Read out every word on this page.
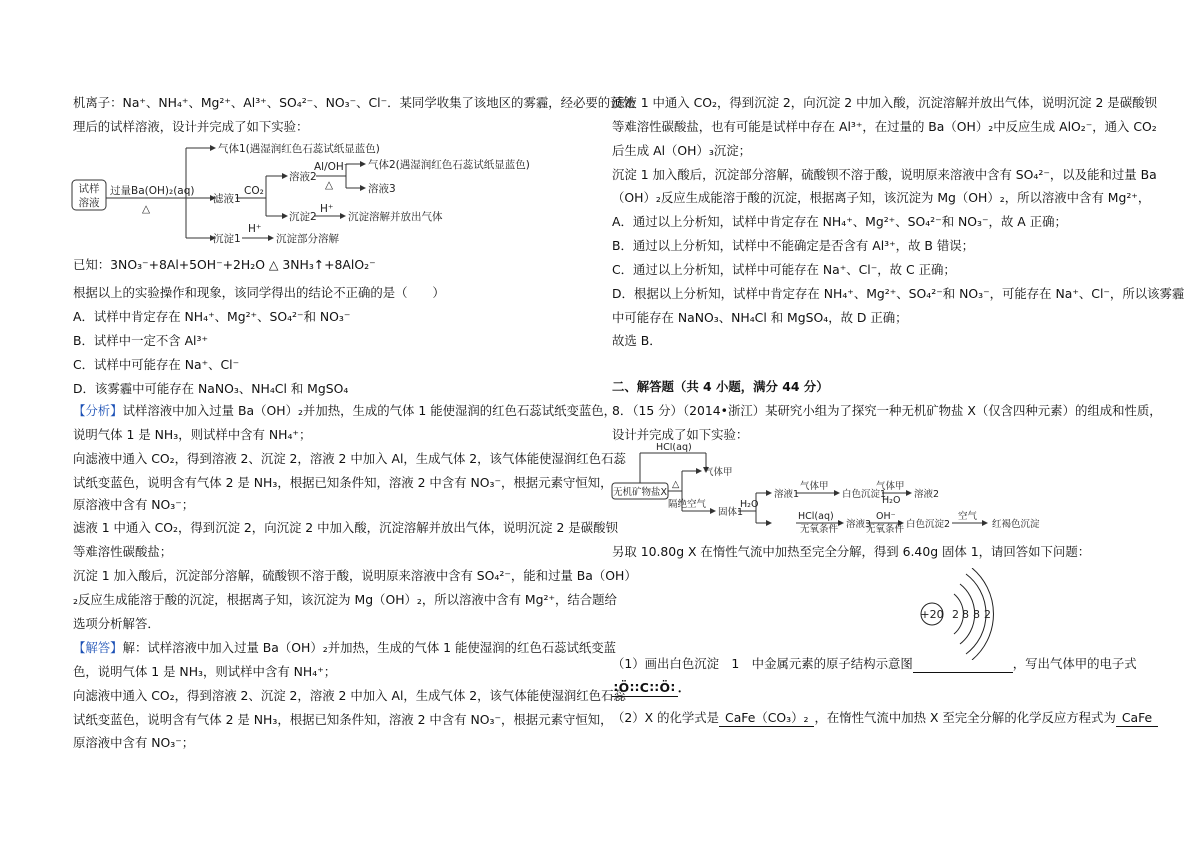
机离子：Na⁺、NH₄⁺、Mg²⁺、Al³⁺、SO₄²⁻、NO₃⁻、Cl⁻．某同学收集了该地区的雾霾，经必要的预处
理后的试样溶液，设计并完成了如下实验：
试样
溶液
过量Ba(OH)₂(aq)
△
气体1(遇湿润红色石蕊试纸显蓝色)
滤液1
CO₂
溶液2
Al/OH⁻
△
气体2(遇湿润红色石蕊试纸显蓝色)
溶液3
沉淀2
H⁺
沉淀溶解并放出气体
沉淀1
H⁺
沉淀部分溶解
已知：3NO₃⁻+8Al+5OH⁻+2H₂O △ 3NH₃↑+8AlO₂⁻
根据以上的实验操作和现象，该同学得出的结论不正确的是（　　）
A．试样中肯定存在 NH₄⁺、Mg²⁺、SO₄²⁻和 NO₃⁻
B．试样中一定不含 Al³⁺
C．试样中可能存在 Na⁺、Cl⁻
D．该雾霾中可能存在 NaNO₃、NH₄Cl 和 MgSO₄
【分析】试样溶液中加入过量 Ba（OH）₂并加热，生成的气体 1 能使湿润的红色石蕊试纸变蓝色，
说明气体 1 是 NH₃，则试样中含有 NH₄⁺；
向滤液中通入 CO₂，得到溶液 2、沉淀 2，溶液 2 中加入 Al，生成气体 2，该气体能使湿润红色石蕊
试纸变蓝色，说明含有气体 2 是 NH₃，根据已知条件知，溶液 2 中含有 NO₃⁻，根据元素守恒知，
原溶液中含有 NO₃⁻；
滤液 1 中通入 CO₂，得到沉淀 2，向沉淀 2 中加入酸，沉淀溶解并放出气体，说明沉淀 2 是碳酸钡
等难溶性碳酸盐；
沉淀 1 加入酸后，沉淀部分溶解，硫酸钡不溶于酸，说明原来溶液中含有 SO₄²⁻，能和过量 Ba（OH）
₂反应生成能溶于酸的沉淀，根据离子知，该沉淀为 Mg（OH）₂，所以溶液中含有 Mg²⁺，结合题给
选项分析解答．
【解答】解：试样溶液中加入过量 Ba（OH）₂并加热，生成的气体 1 能使湿润的红色石蕊试纸变蓝
色，说明气体 1 是 NH₃，则试样中含有 NH₄⁺；
向滤液中通入 CO₂，得到溶液 2、沉淀 2，溶液 2 中加入 Al，生成气体 2，该气体能使湿润红色石蕊
试纸变蓝色，说明含有气体 2 是 NH₃，根据已知条件知，溶液 2 中含有 NO₃⁻，根据元素守恒知，
原溶液中含有 NO₃⁻；
滤液 1 中通入 CO₂，得到沉淀 2，向沉淀 2 中加入酸，沉淀溶解并放出气体，说明沉淀 2 是碳酸钡
等难溶性碳酸盐，也有可能是试样中存在 Al³⁺，在过量的 Ba（OH）₂中反应生成 AlO₂⁻，通入 CO₂
后生成 Al（OH）₃沉淀；
沉淀 1 加入酸后，沉淀部分溶解，硫酸钡不溶于酸，说明原来溶液中含有 SO₄²⁻，以及能和过量 Ba
（OH）₂反应生成能溶于酸的沉淀，根据离子知，该沉淀为 Mg（OH）₂，所以溶液中含有 Mg²⁺，
A．通过以上分析知，试样中肯定存在 NH₄⁺、Mg²⁺、SO₄²⁻和 NO₃⁻，故 A 正确；
B．通过以上分析知，试样中不能确定是否含有 Al³⁺，故 B 错误；
C．通过以上分析知，试样中可能存在 Na⁺、Cl⁻，故 C 正确；
D．根据以上分析知，试样中肯定存在 NH₄⁺、Mg²⁺、SO₄²⁻和 NO₃⁻，可能存在 Na⁺、Cl⁻，所以该雾霾
中可能存在 NaNO₃、NH₄Cl 和 MgSO₄，故 D 正确；
故选 B．
二、解答题（共 4 小题，满分 44 分）
8．（15 分）（2014•浙江）某研究小组为了探究一种无机矿物盐 X（仅含四种元素）的组成和性质，
设计并完成了如下实验：
无机矿物盐X
HCl(aq)
气体甲
隔绝空气
△
固体1
H₂O
溶液1
气体甲
白色沉淀1
气体甲
H₂O
溶液2
HCl(aq)
无氧条件 溶液3
OH⁻
无氧条件 白色沉淀2
空气
红褐色沉淀
另取 10.80g X 在惰性气流中加热至完全分解，得到 6.40g 固体 1，请回答如下问题：
+20 2 8 8 2
（1）画出白色沉淀　1　中金属元素的原子结构示意图	，写出气体甲的电子式
∶Ö∷C∷Ö∶ ．
（2）X 的化学式是 CaFe（CO₃）₂ ，在惰性气流中加热 X 至完全分解的化学反应方程式为 CaFe
